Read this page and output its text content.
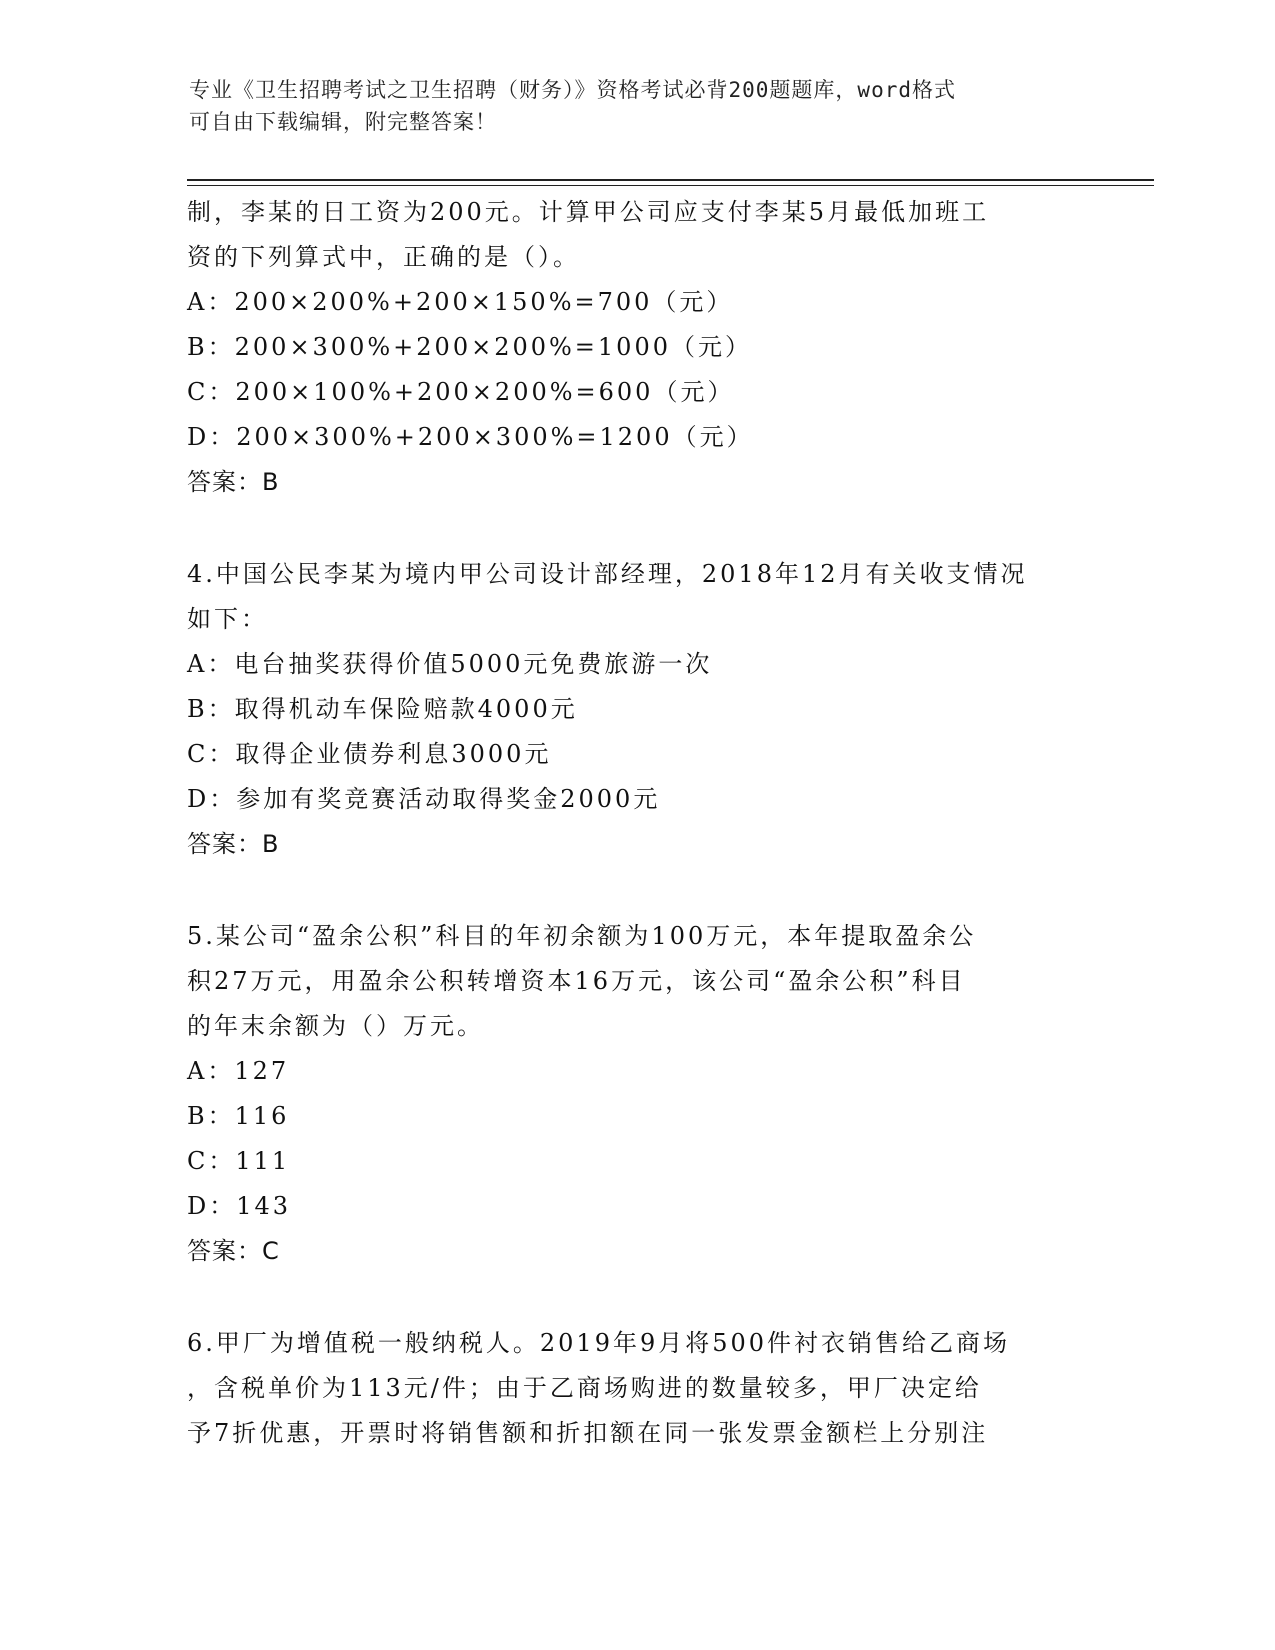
专业《卫生招聘考试之卫生招聘（财务）》资格考试必背200题题库，word格式
可自由下载编辑，附完整答案！
制，李某的日工资为200元。计算甲公司应支付李某5月最低加班工
资的下列算式中，正确的是（）。
A：200×200%+200×150%=700（元）
B：200×300%+200×200%=1000（元）
C：200×100%+200×200%=600（元）
D：200×300%+200×300%=1200（元）
答案：B
4.中国公民李某为境内甲公司设计部经理，2018年12月有关收支情况
如下：
A：电台抽奖获得价值5000元免费旅游一次
B：取得机动车保险赔款4000元
C：取得企业债券利息3000元
D：参加有奖竞赛活动取得奖金2000元
答案：B
5.某公司“盈余公积”科目的年初余额为100万元，本年提取盈余公
积27万元，用盈余公积转增资本16万元，该公司“盈余公积”科目
的年末余额为（）万元。
A：127
B：116
C：111
D：143
答案：C
6.甲厂为增值税一般纳税人。2019年9月将500件衬衣销售给乙商场
，含税单价为113元/件；由于乙商场购进的数量较多，甲厂决定给
予7折优惠，开票时将销售额和折扣额在同一张发票金额栏上分别注
